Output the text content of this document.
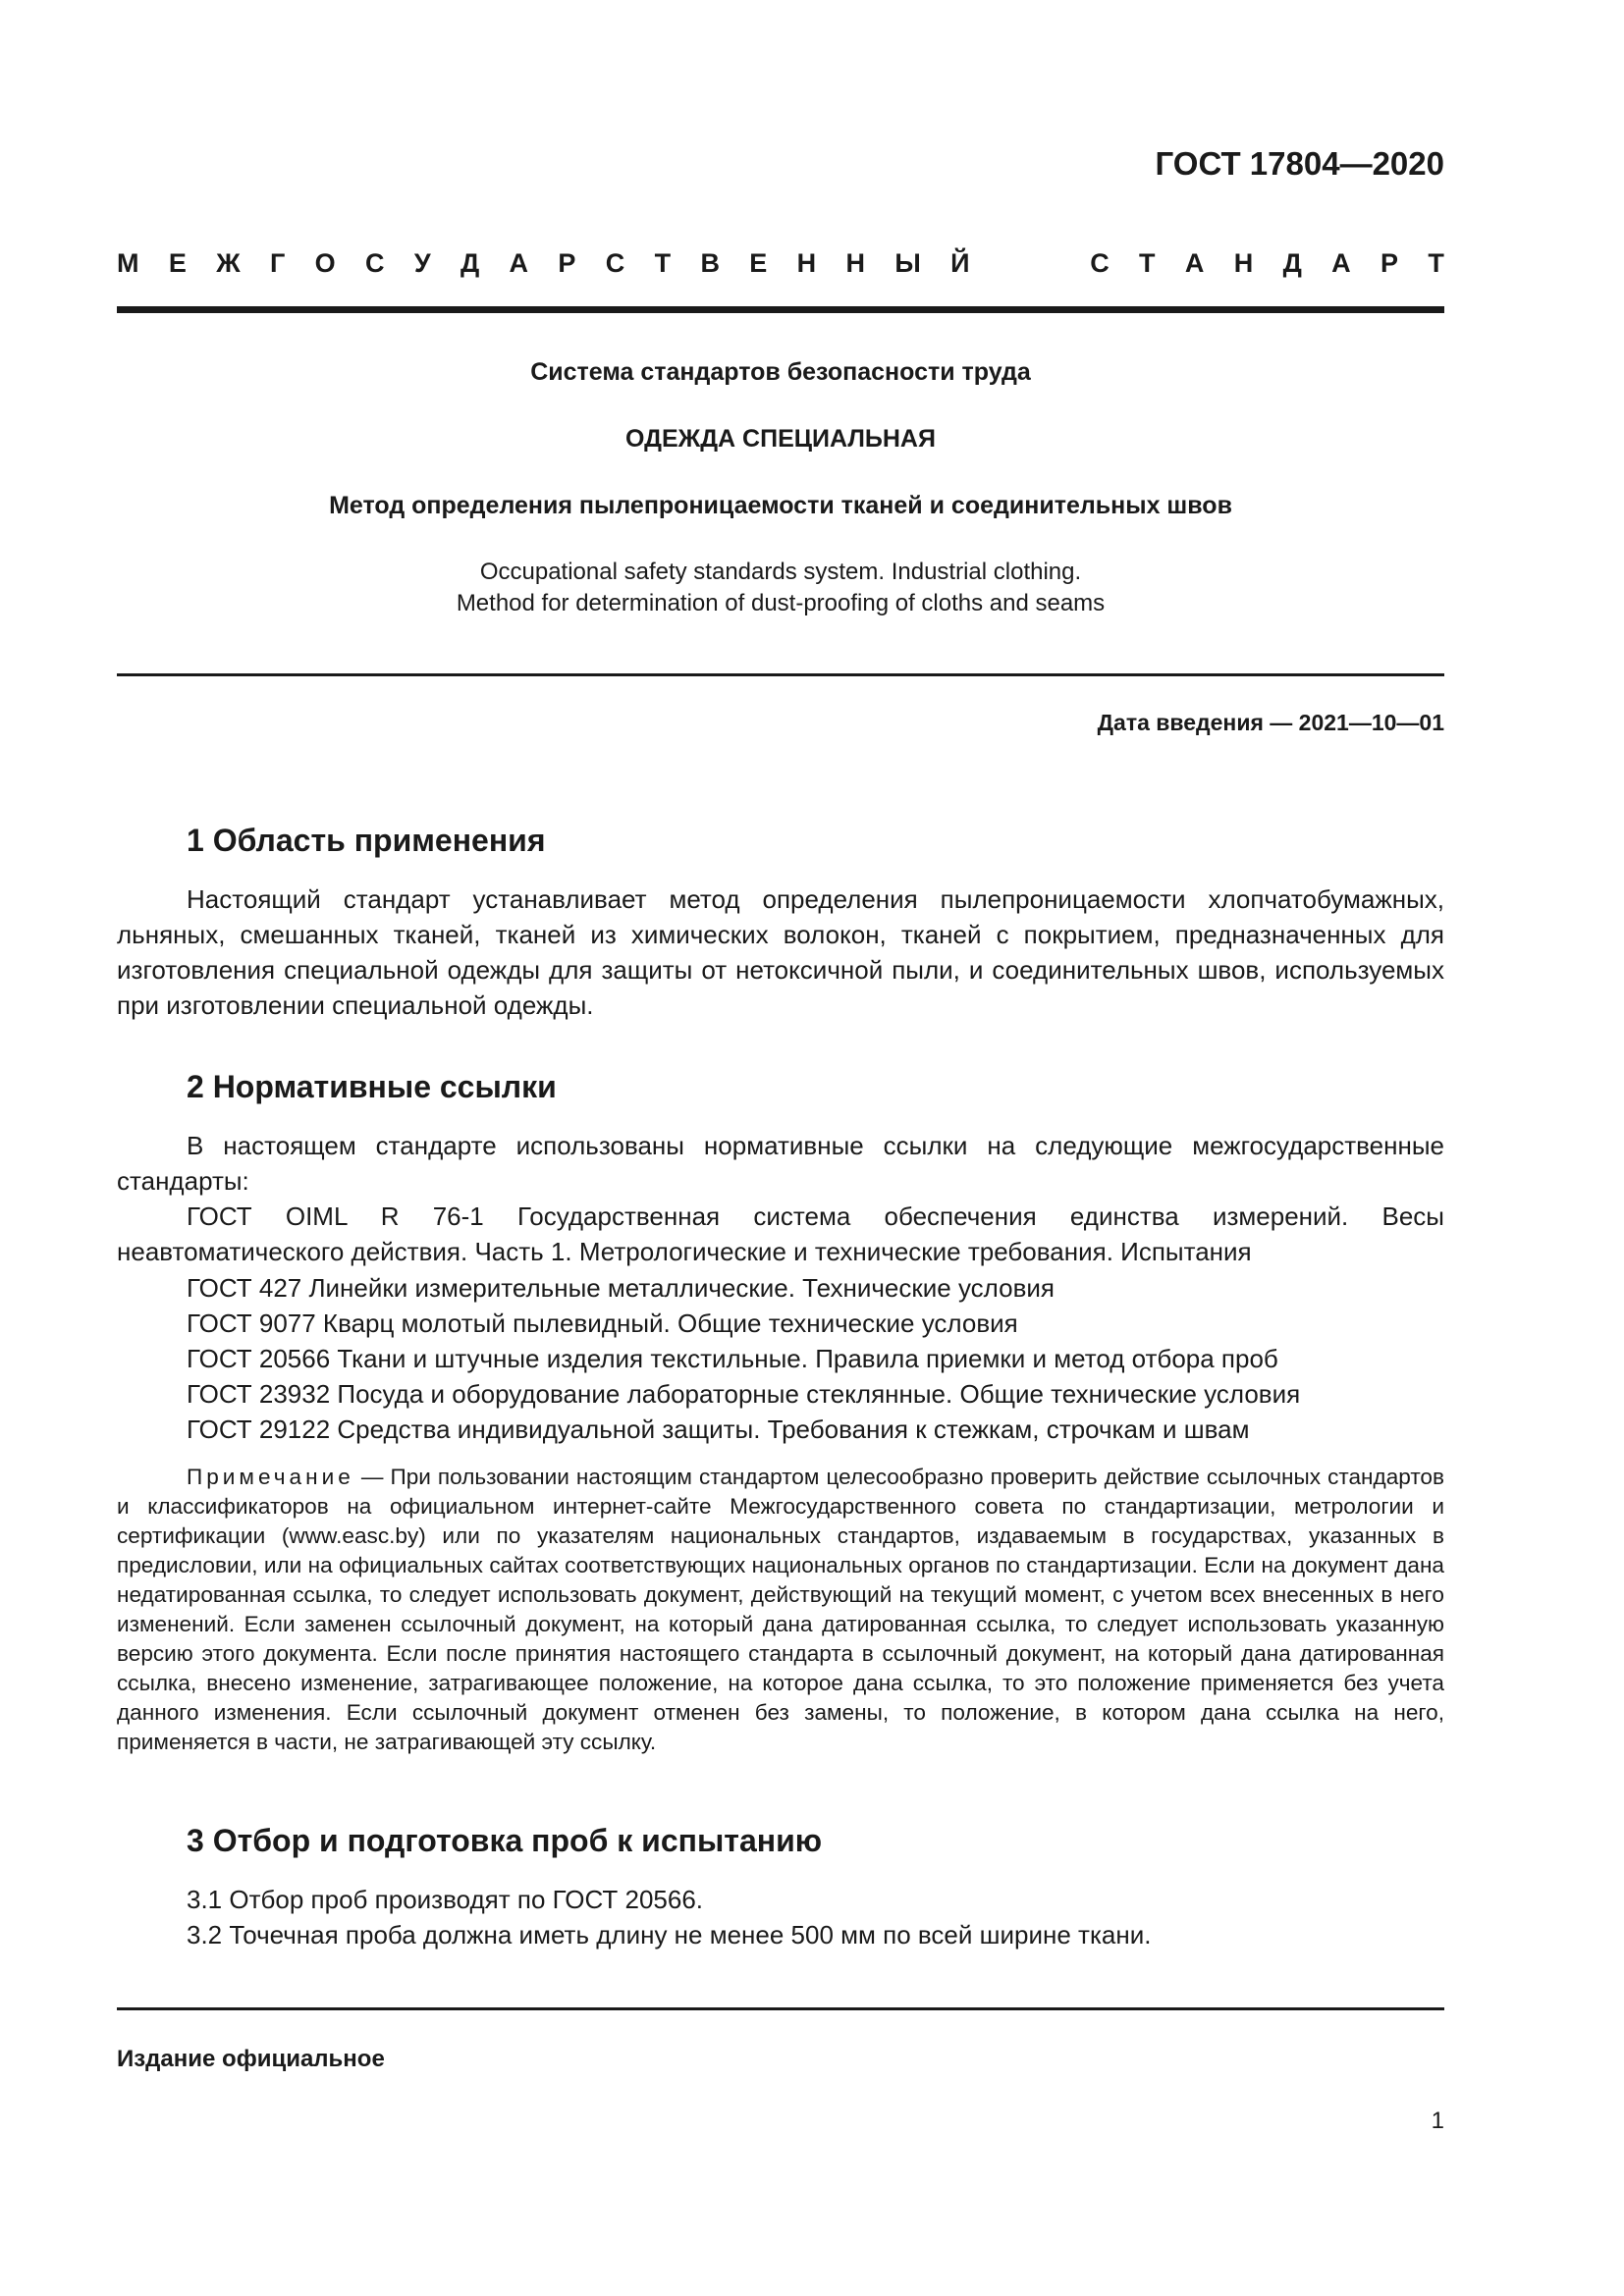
ГОСТ 17804—2020
М Е Ж Г О С У Д А Р С Т В Е Н Н Ы Й	С Т А Н Д А Р Т
Система стандартов безопасности труда
ОДЕЖДА СПЕЦИАЛЬНАЯ
Метод определения пылепроницаемости тканей и соединительных швов
Occupational safety standards system. Industrial clothing.
Method for determination of dust-proofing of cloths and seams
Дата введения — 2021—10—01
1 Область применения
Настоящий стандарт устанавливает метод определения пылепроницаемости хлопчатобумажных, льняных, смешанных тканей, тканей из химических волокон, тканей с покрытием, предназначенных для изготовления специальной одежды для защиты от нетоксичной пыли, и соединительных швов, используемых при изготовлении специальной одежды.
2 Нормативные ссылки
В настоящем стандарте использованы нормативные ссылки на следующие межгосударственные стандарты:
ГОСТ OIML R 76-1 Государственная система обеспечения единства измерений. Весы
неавтоматического действия. Часть 1. Метрологические и технические требования. Испытания
ГОСТ 427 Линейки измерительные металлические. Технические условия
ГОСТ 9077 Кварц молотый пылевидный. Общие технические условия
ГОСТ 20566 Ткани и штучные изделия текстильные. Правила приемки и метод отбора проб
ГОСТ 23932 Посуда и оборудование лабораторные стеклянные. Общие технические условия
ГОСТ 29122 Средства индивидуальной защиты. Требования к стежкам, строчкам и швам
Примечание — При пользовании настоящим стандартом целесообразно проверить действие ссылочных стандартов и классификаторов на официальном интернет-сайте Межгосударственного совета по стандартизации, метрологии и сертификации (www.easc.by) или по указателям национальных стандартов, издаваемым в государствах, указанных в предисловии, или на официальных сайтах соответствующих национальных органов по стандартизации. Если на документ дана недатированная ссылка, то следует использовать документ, действующий на текущий момент, с учетом всех внесенных в него изменений. Если заменен ссылочный документ, на который дана датированная ссылка, то следует использовать указанную версию этого документа. Если после принятия настоящего стандарта в ссылочный документ, на который дана датированная ссылка, внесено изменение, затрагивающее положение, на которое дана ссылка, то это положение применяется без учета данного изменения. Если ссылочный документ отменен без замены, то положение, в котором дана ссылка на него, применяется в части, не затрагивающей эту ссылку.
3 Отбор и подготовка проб к испытанию
3.1 Отбор проб производят по ГОСТ 20566.
3.2 Точечная проба должна иметь длину не менее 500 мм по всей ширине ткани.
Издание официальное
1
